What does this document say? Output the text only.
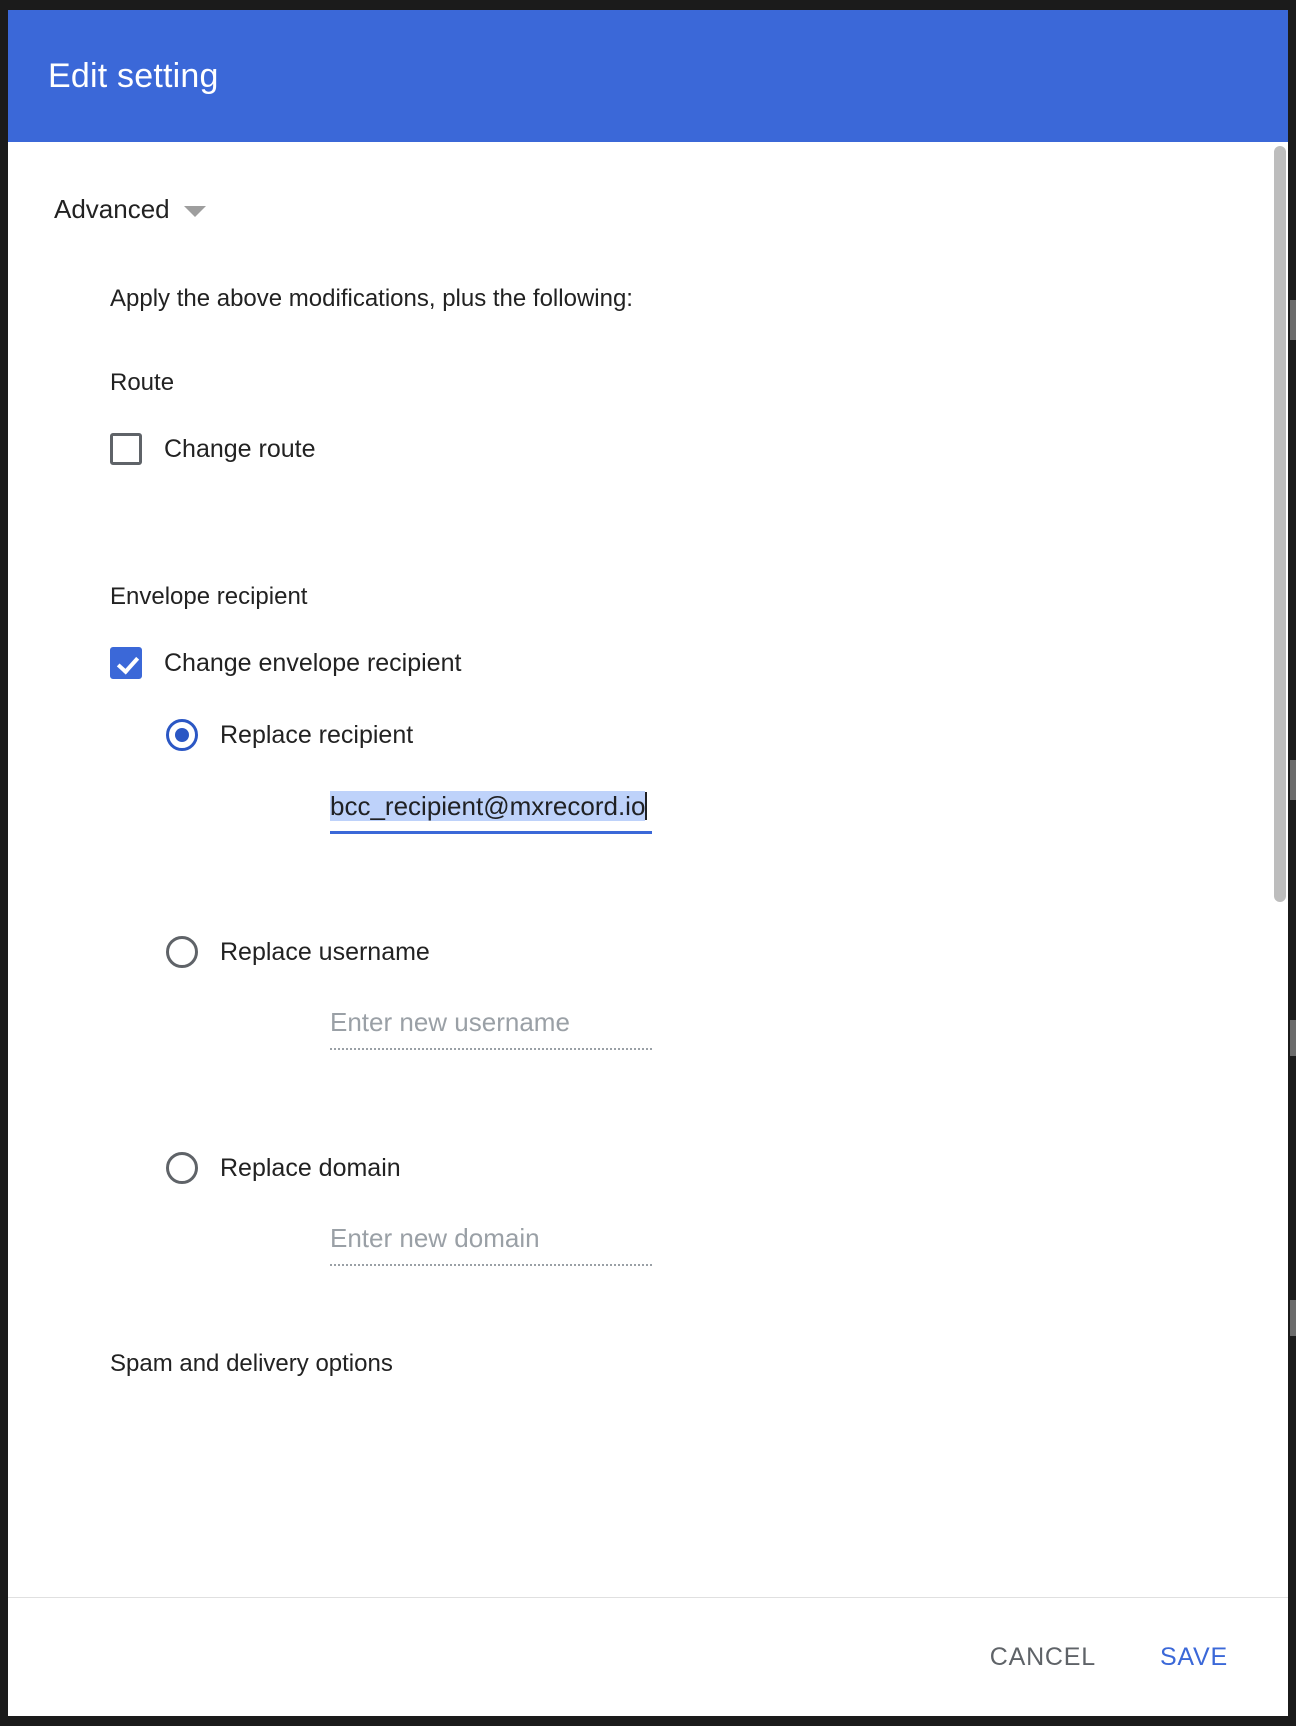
Edit setting
Advanced
Apply the above modifications, plus the following:
Route
Change route
Envelope recipient
Change envelope recipient
Replace recipient
bcc_recipient@mxrecord.io
Replace username
Enter new username
Replace domain
Enter new domain
Spam and delivery options
CANCEL	SAVE
